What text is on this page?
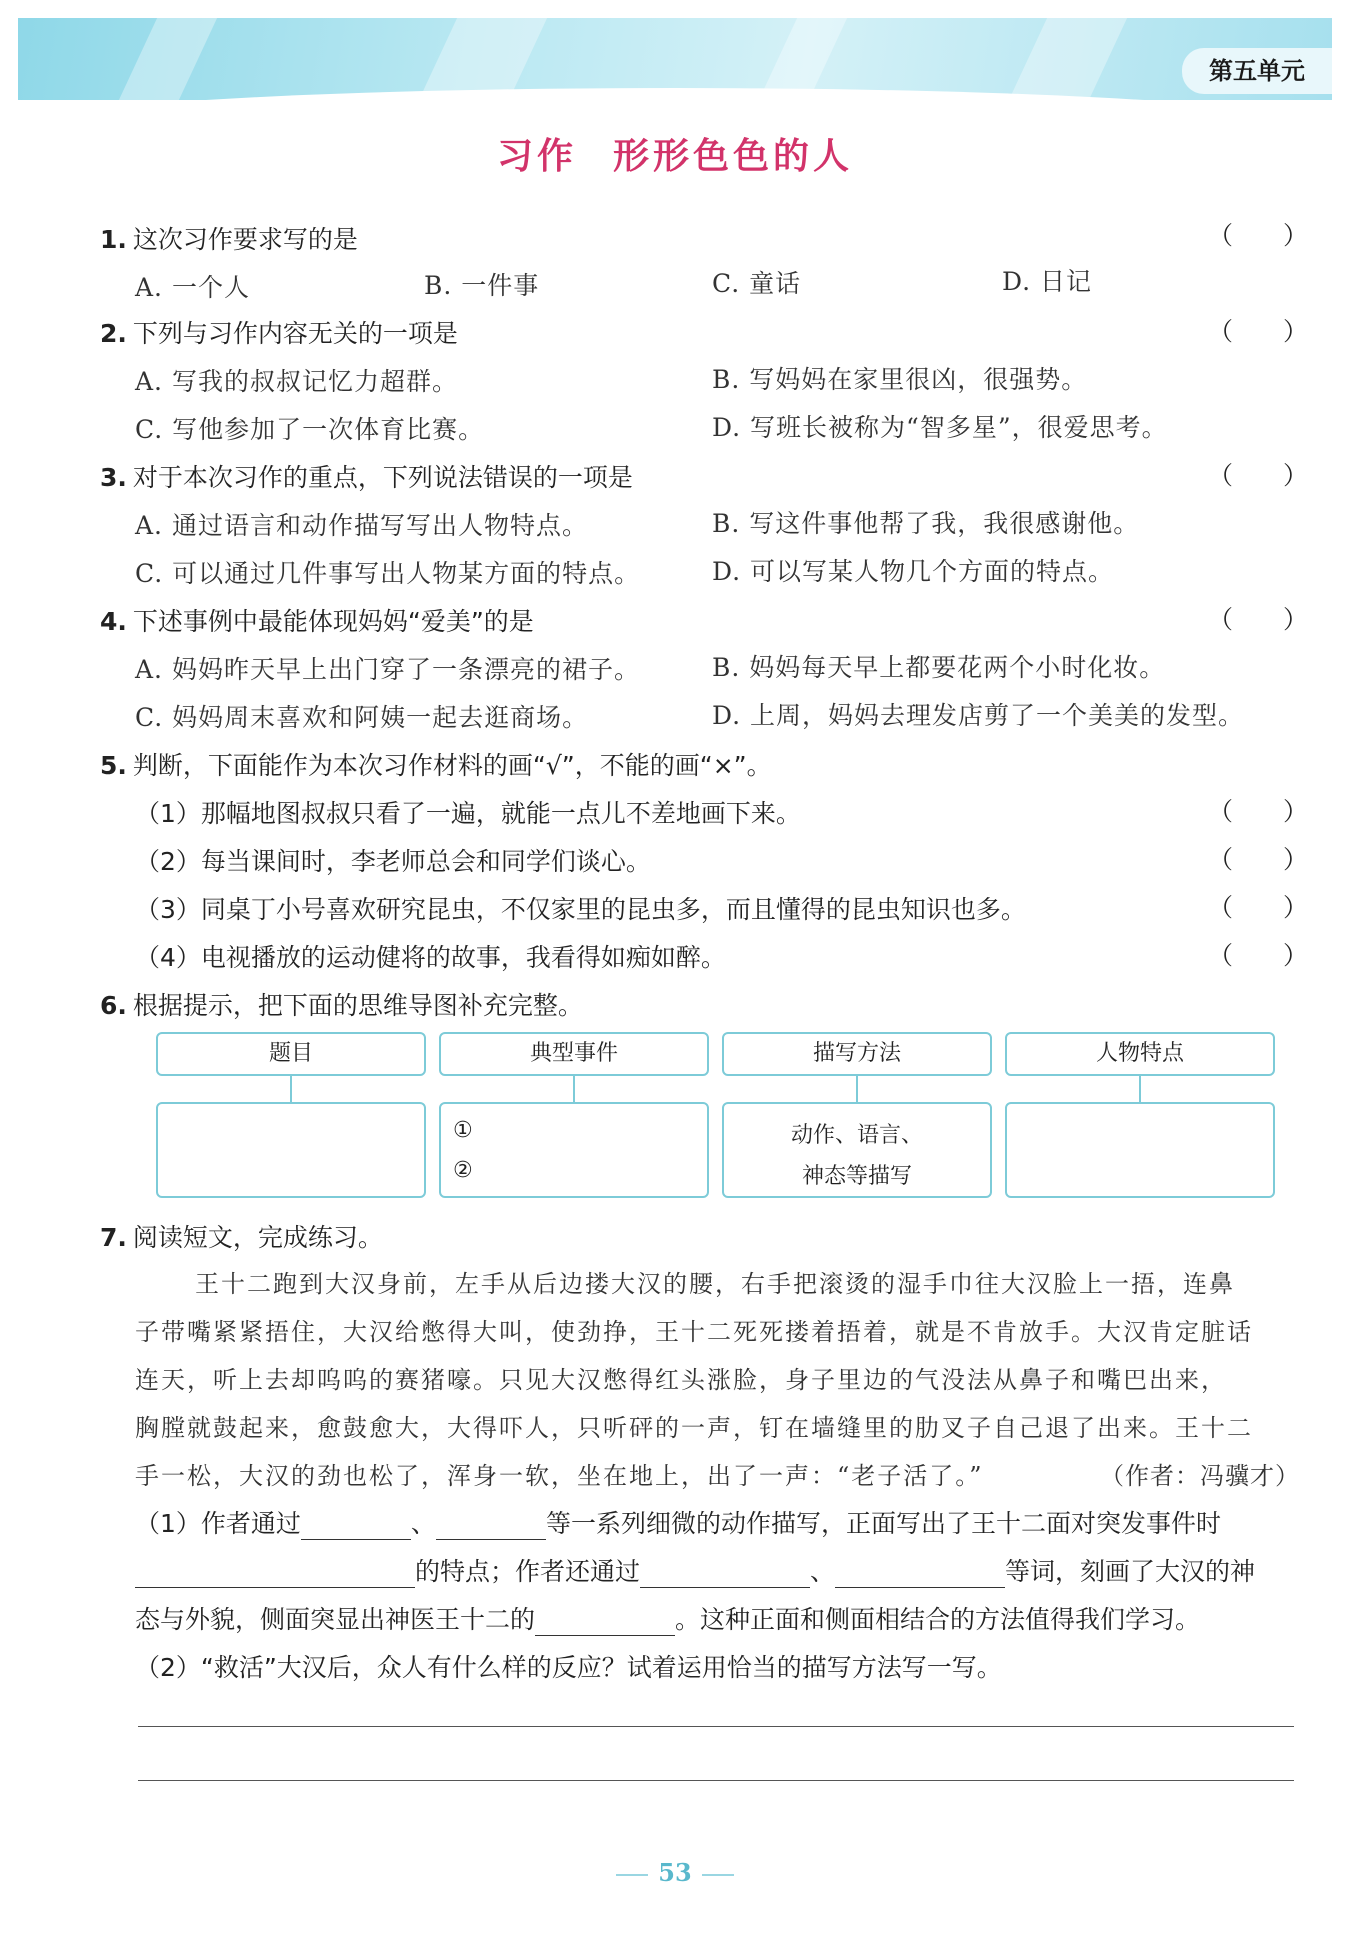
第五单元
习作 形形色色的人
1. 这次习作要求写的是	（　　）
A. 一个人	B. 一件事	C. 童话	D. 日记
2. 下列与习作内容无关的一项是	（　　）
A. 写我的叔叔记忆力超群。	B. 写妈妈在家里很凶，很强势。
C. 写他参加了一次体育比赛。	D. 写班长被称为“智多星”，很爱思考。
3. 对于本次习作的重点，下列说法错误的一项是	（　　）
A. 通过语言和动作描写写出人物特点。	B. 写这件事他帮了我，我很感谢他。
C. 可以通过几件事写出人物某方面的特点。	D. 可以写某人物几个方面的特点。
4. 下述事例中最能体现妈妈“爱美”的是	（　　）
A. 妈妈昨天早上出门穿了一条漂亮的裙子。	B. 妈妈每天早上都要花两个小时化妆。
C. 妈妈周末喜欢和阿姨一起去逛商场。	D. 上周，妈妈去理发店剪了一个美美的发型。
5. 判断，下面能作为本次习作材料的画“√”，不能的画“×”。
（1）那幅地图叔叔只看了一遍，就能一点儿不差地画下来。	（　　）
（2）每当课间时，李老师总会和同学们谈心。	（　　）
（3）同桌丁小号喜欢研究昆虫，不仅家里的昆虫多，而且懂得的昆虫知识也多。	（　　）
（4）电视播放的运动健将的故事，我看得如痴如醉。	（　　）
6. 根据提示，把下面的思维导图补充完整。
题目	典型事件	描写方法	人物特点
①
②
动作、语言、
神态等描写
7. 阅读短文，完成练习。
王十二跑到大汉身前，左手从后边搂大汉的腰，右手把滚烫的湿手巾往大汉脸上一捂，连鼻
子带嘴紧紧捂住，大汉给憋得大叫，使劲挣，王十二死死搂着捂着，就是不肯放手。大汉肯定脏话
连天，听上去却呜呜的赛猪嚎。只见大汉憋得红头涨脸，身子里边的气没法从鼻子和嘴巴出来，
胸膛就鼓起来，愈鼓愈大，大得吓人，只听砰的一声，钉在墙缝里的肋叉子自己退了出来。王十二
手一松，大汉的劲也松了，浑身一软，坐在地上，出了一声：“老子活了。”	（作者：冯骥才）
（1）作者通过	、	等一系列细微的动作描写，正面写出了王十二面对突发事件时
的特点；作者还通过	、	等词，刻画了大汉的神
态与外貌，侧面突显出神医王十二的	。这种正面和侧面相结合的方法值得我们学习。
（2）“救活”大汉后，众人有什么样的反应？试着运用恰当的描写方法写一写。
53
